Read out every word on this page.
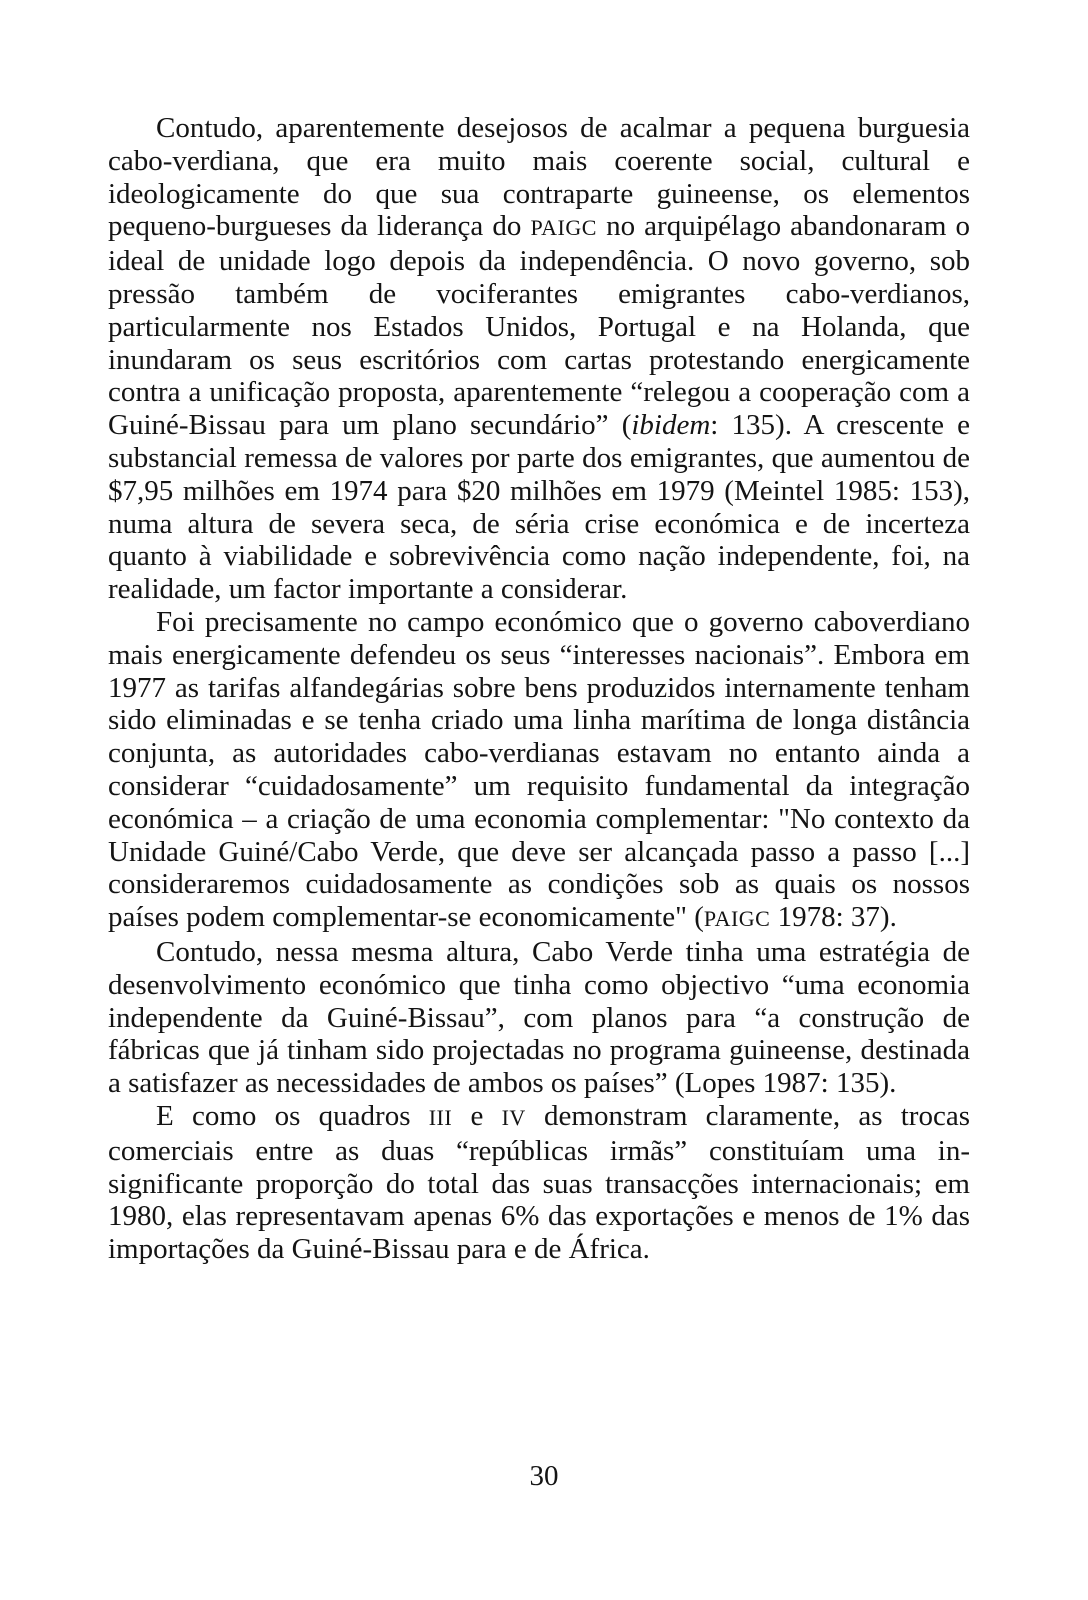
Contudo, aparentemente desejosos de acalmar a pequena burguesia cabo-verdiana, que era muito mais coerente social, cultural e ideologicamente do que sua contraparte guineense, os elementos pequeno-burgueses da liderança do PAIGC no arquipélago abandonaram o ideal de unidade logo depois da independência. O novo governo, sob pressão também de vociferantes emigrantes cabo-verdianos, particularmente nos Estados Unidos, Portugal e na Holanda, que inundaram os seus escritórios com cartas protestando energicamente contra a unificação proposta, aparentemente “relegou a cooperação com a Guiné-Bissau para um plano secundário” (ibidem: 135). A crescente e substancial remessa de valores por parte dos emigrantes, que aumentou de $7,95 milhões em 1974 para $20 milhões em 1979 (Meintel 1985: 153), numa altura de severa seca, de séria crise económica e de incerteza quanto à viabilidade e sobrevivência como nação independente, foi, na realidade, um factor importante a considerar.

Foi precisamente no campo económico que o governo caboverdiano mais energicamente defendeu os seus “interesses nacionais”. Embora em 1977 as tarifas alfandegárias sobre bens produzidos internamente tenham sido eliminadas e se tenha criado uma linha marítima de longa distância conjunta, as autoridades cabo-verdianas estavam no entanto ainda a considerar “cuidadosamente” um requisito fundamental da integração económica – a criação de uma economia complementar: "No contexto da Unidade Guiné/Cabo Verde, que deve ser alcançada passo a passo [...] consideraremos cuidadosamente as condições sob as quais os nossos países podem complementar-se economicamente" (PAIGC 1978: 37).

Contudo, nessa mesma altura, Cabo Verde tinha uma estratégia de desenvolvimento económico que tinha como objectivo “uma economia independente da Guiné-Bissau”, com planos para “a construção de fábricas que já tinham sido projectadas no programa guineense, destinada a satisfazer as necessidades de ambos os países” (Lopes 1987: 135).

E como os quadros III e IV demonstram claramente, as trocas comerciais entre as duas “repúblicas irmãs” constituíam uma insignificante proporção do total das suas transacções internacionais; em 1980, elas representavam apenas 6% das exportações e menos de 1% das importações da Guiné-Bissau para e de África.

30
